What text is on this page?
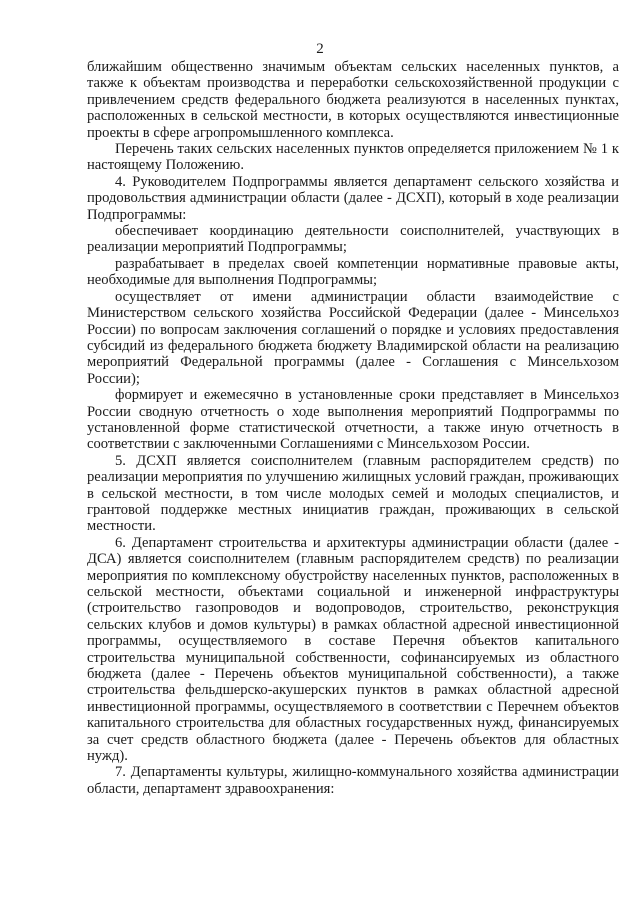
2

ближайшим общественно значимым объектам сельских населенных пунктов, а также к объектам производства и переработки сельскохозяйственной продукции с привлечением средств федерального бюджета реализуются в населенных пунктах, расположенных в сельской местности, в которых осуществляются инвестиционные проекты в сфере агропромышленного комплекса.

Перечень таких сельских населенных пунктов определяется приложением № 1 к настоящему Положению.

4. Руководителем Подпрограммы является департамент сельского хозяйства и продовольствия администрации области (далее - ДСХП), который в ходе реализации Подпрограммы:

обеспечивает координацию деятельности соисполнителей, участвующих в реализации мероприятий Подпрограммы;

разрабатывает в пределах своей компетенции нормативные правовые акты, необходимые для выполнения Подпрограммы;

осуществляет от имени администрации области взаимодействие с Министерством сельского хозяйства Российской Федерации (далее - Минсельхоз России) по вопросам заключения соглашений о порядке и условиях предоставления субсидий из федерального бюджета бюджету Владимирской области на реализацию мероприятий Федеральной программы (далее - Соглашения с Минсельхозом России);

формирует и ежемесячно в установленные сроки представляет в Минсельхоз России сводную отчетность о ходе выполнения мероприятий Подпрограммы по установленной форме статистической отчетности, а также иную отчетность в соответствии с заключенными Соглашениями с Минсельхозом России.

5. ДСХП является соисполнителем (главным распорядителем средств) по реализации мероприятия по улучшению жилищных условий граждан, проживающих в сельской местности, в том числе молодых семей и молодых специалистов, и грантовой поддержке местных инициатив граждан, проживающих в сельской местности.

6. Департамент строительства и архитектуры администрации области (далее - ДСА) является соисполнителем (главным распорядителем средств) по реализации мероприятия по комплексному обустройству населенных пунктов, расположенных в сельской местности, объектами социальной и инженерной инфраструктуры (строительство газопроводов и водопроводов, строительство, реконструкция сельских клубов и домов культуры) в рамках областной адресной инвестиционной программы, осуществляемого в составе Перечня объектов капитального строительства муниципальной собственности, софинансируемых из областного бюджета (далее - Перечень объектов муниципальной собственности), а также строительства фельдшерско-акушерских пунктов в рамках областной адресной инвестиционной программы, осуществляемого в соответствии с Перечнем объектов капитального строительства для областных государственных нужд, финансируемых за счет средств областного бюджета (далее - Перечень объектов для областных нужд).

7. Департаменты культуры, жилищно-коммунального хозяйства администрации области, департамент здравоохранения:
